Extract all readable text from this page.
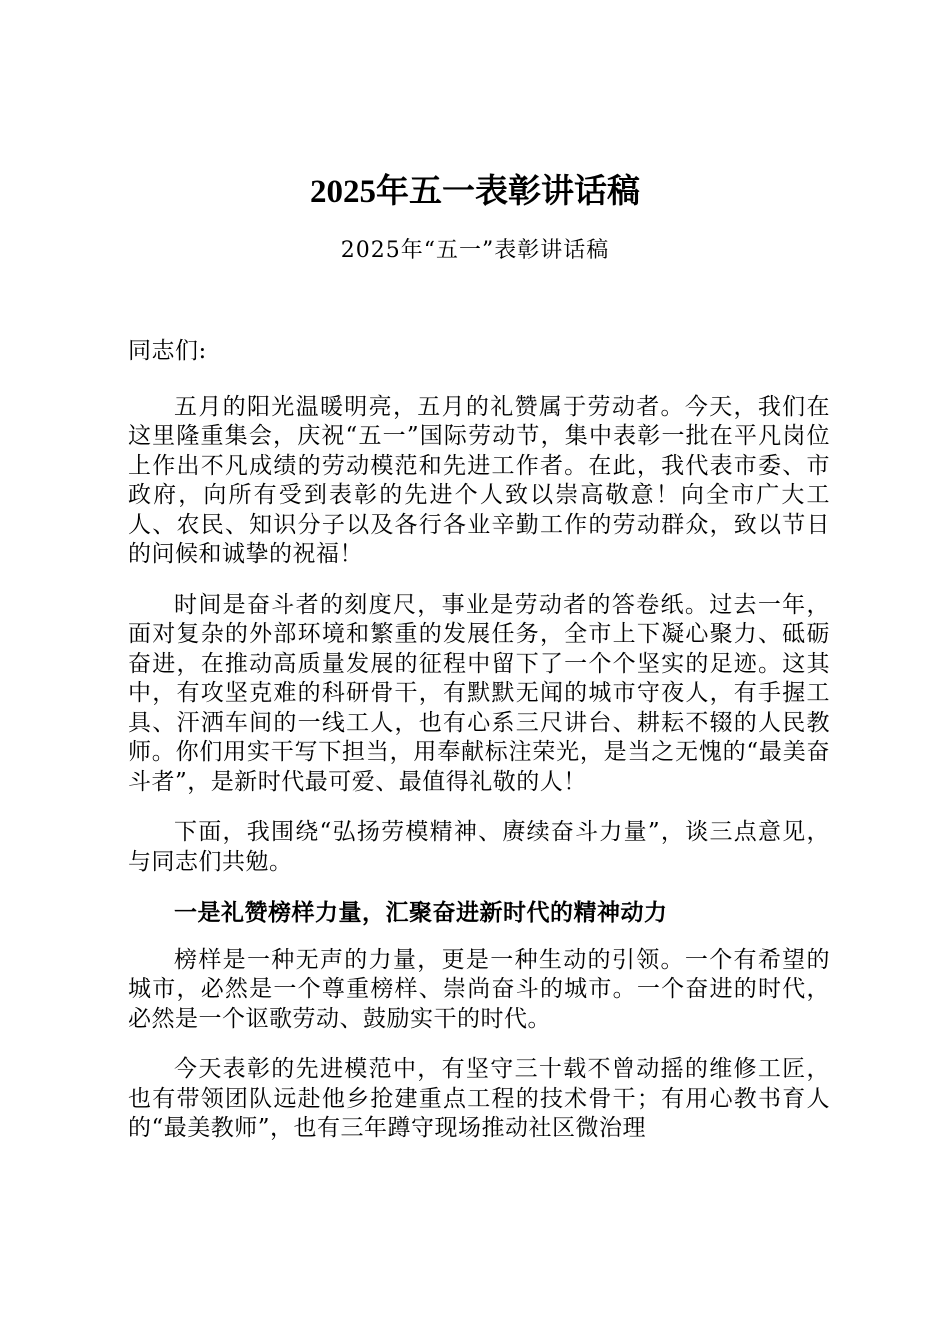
2025年五一表彰讲话稿
2025年“五一”表彰讲话稿

同志们:

五月的阳光温暖明亮，五月的礼赞属于劳动者。今天，我们在这里隆重集会，庆祝“五一”国际劳动节，集中表彰一批在平凡岗位上作出不凡成绩的劳动模范和先进工作者。在此，我代表市委、市政府，向所有受到表彰的先进个人致以崇高敬意！向全市广大工人、农民、知识分子以及各行各业辛勤工作的劳动群众，致以节日的问候和诚挚的祝福！

时间是奋斗者的刻度尺，事业是劳动者的答卷纸。过去一年，面对复杂的外部环境和繁重的发展任务，全市上下凝心聚力、砥砺奋进，在推动高质量发展的征程中留下了一个个坚实的足迹。这其中，有攻坚克难的科研骨干，有默默无闻的城市守夜人，有手握工具、汗洒车间的一线工人，也有心系三尺讲台、耕耘不辍的人民教师。你们用实干写下担当，用奉献标注荣光，是当之无愧的“最美奋斗者”，是新时代最可爱、最值得礼敬的人！

下面，我围绕“弘扬劳模精神、赓续奋斗力量”，谈三点意见，与同志们共勉。

一是礼赞榜样力量，汇聚奋进新时代的精神动力

榜样是一种无声的力量，更是一种生动的引领。一个有希望的城市，必然是一个尊重榜样、崇尚奋斗的城市。一个奋进的时代，必然是一个讴歌劳动、鼓励实干的时代。

今天表彰的先进模范中，有坚守三十载不曾动摇的维修工匠，也有带领团队远赴他乡抢建重点工程的技术骨干；有用心教书育人的“最美教师”，也有三年蹲守现场推动社区微治理
